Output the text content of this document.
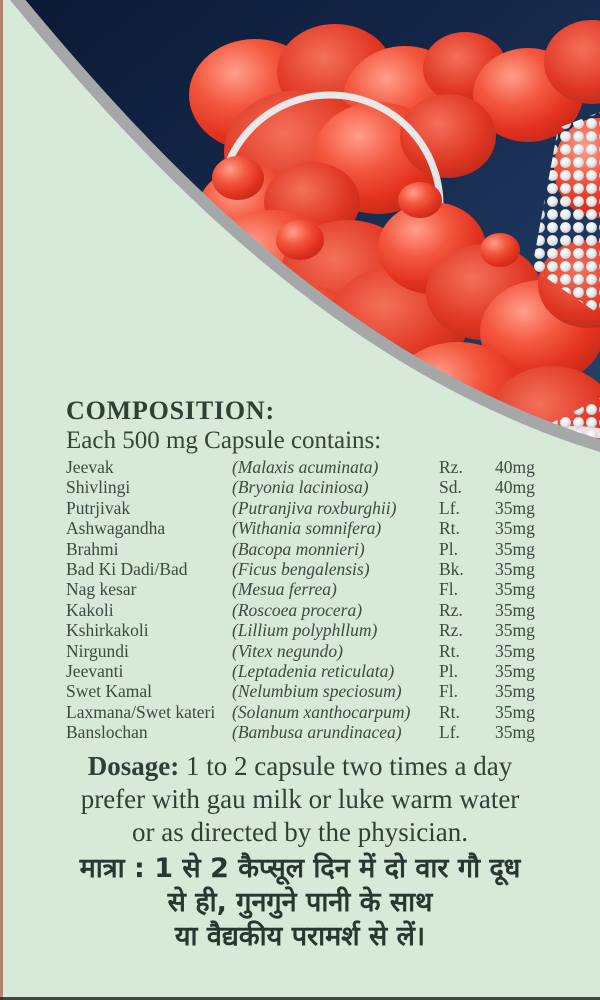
COMPOSITION:
Each 500 mg Capsule contains:
Jeevak	(Malaxis acuminata)	Rz.	40mg
Shivlingi	(Bryonia laciniosa)	Sd.	40mg
Putrjivak	(Putranjiva roxburghii)	Lf.	35mg
Ashwagandha	(Withania somnifera)	Rt.	35mg
Brahmi	(Bacopa monnieri)	Pl.	35mg
Bad Ki Dadi/Bad	(Ficus bengalensis)	Bk.	35mg
Nag kesar	(Mesua ferrea)	Fl.	35mg
Kakoli	(Roscoea procera)	Rz.	35mg
Kshirkakoli	(Lillium polyphllum)	Rz.	35mg
Nirgundi	(Vitex negundo)	Rt.	35mg
Jeevanti	(Leptadenia reticulata)	Pl.	35mg
Swet Kamal	(Nelumbium speciosum)	Fl.	35mg
Laxmana/Swet kateri (Solanum xanthocarpum)	Rt.	35mg
Banslochan	(Bambusa arundinacea)	Lf.	35mg
Dosage: 1 to 2 capsule two times a day
prefer with gau milk or luke warm water
or as directed by the physician.
मात्रा : 1 से 2 कैप्सूल दिन में दो वार गौ दूध
से ही, गुनगुने पानी के साथ
या वैद्यकीय परामर्श से लें।
